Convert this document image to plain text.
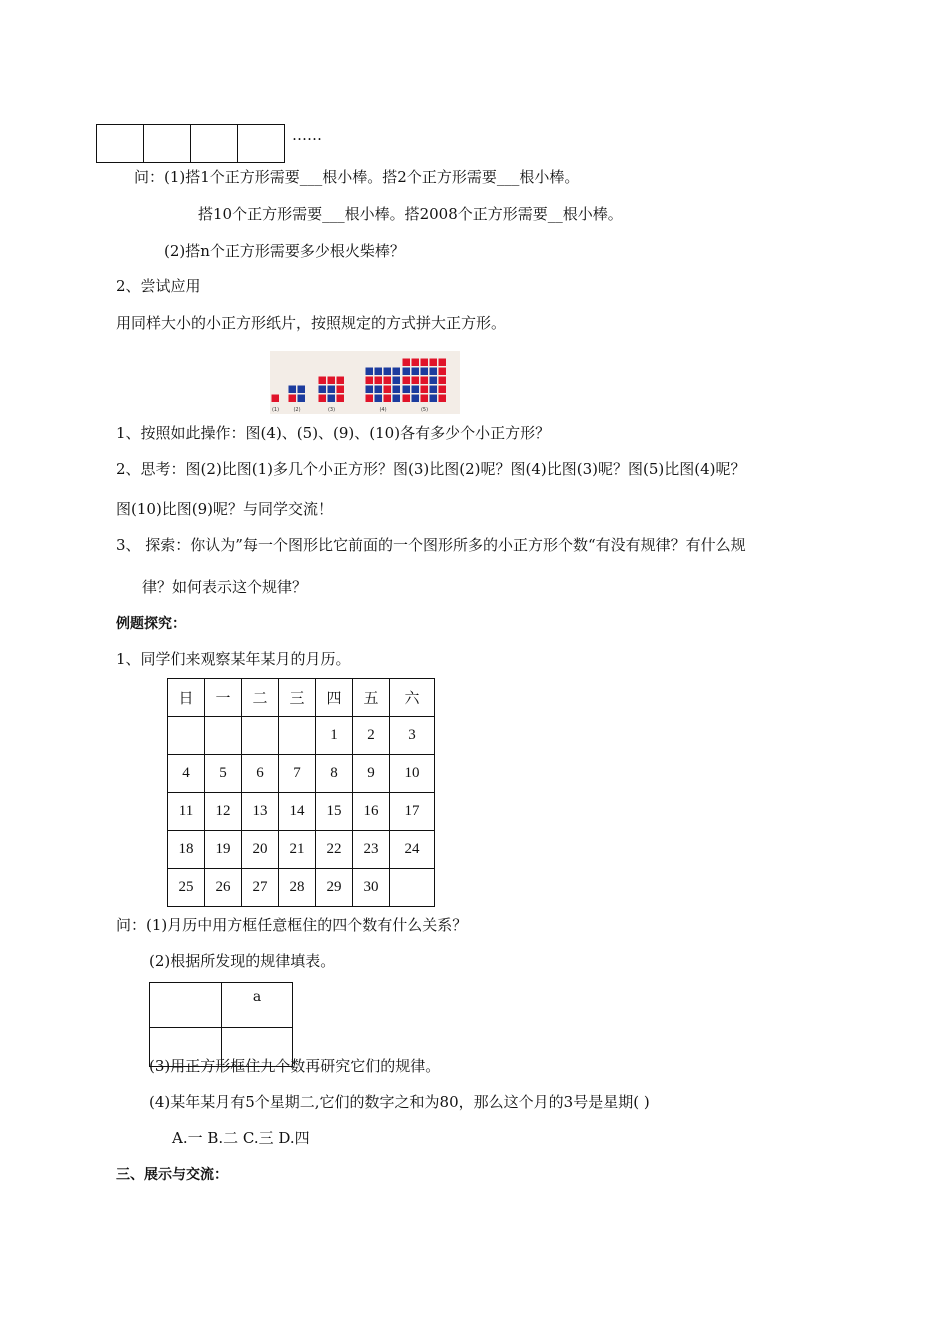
……
问：(1)搭1个正方形需要___根小棒。搭2个正方形需要___根小棒。
搭10个正方形需要___根小棒。搭2008个正方形需要__根小棒。
(2)搭n个正方形需要多少根火柴棒？
2、尝试应用
用同样大小的小正方形纸片，按照规定的方式拼大正方形。
(1)	(2)	(3)	(4)	(5)
1、按照如此操作：图(4)、(5)、(9)、(10)各有多少个小正方形？
2、思考：图(2)比图(1)多几个小正方形？图(3)比图(2)呢？图(4)比图(3)呢？图(5)比图(4)呢？
图(10)比图(9)呢？与同学交流！
3、 探索：你认为”每一个图形比它前面的一个图形所多的小正方形个数“有没有规律？有什么规
律？如何表示这个规律？
例题探究：
1、同学们来观察某年某月的月历。
日	一	二	三	四	五	六
				1	2	3
4	5	6	7	8	9	10
11	12	13	14	15	16	17
18	19	20	21	22	23	24
25	26	27	28	29	30	
问：(1)月历中用方框任意框住的四个数有什么关系？
(2)根据所发现的规律填表。
	a

(3)用正方形框住九个数再研究它们的规律。
(4)某年某月有5个星期二,它们的数字之和为80，那么这个月的3号是星期( )
A.一 B.二 C.三 D.四
三、展示与交流：
